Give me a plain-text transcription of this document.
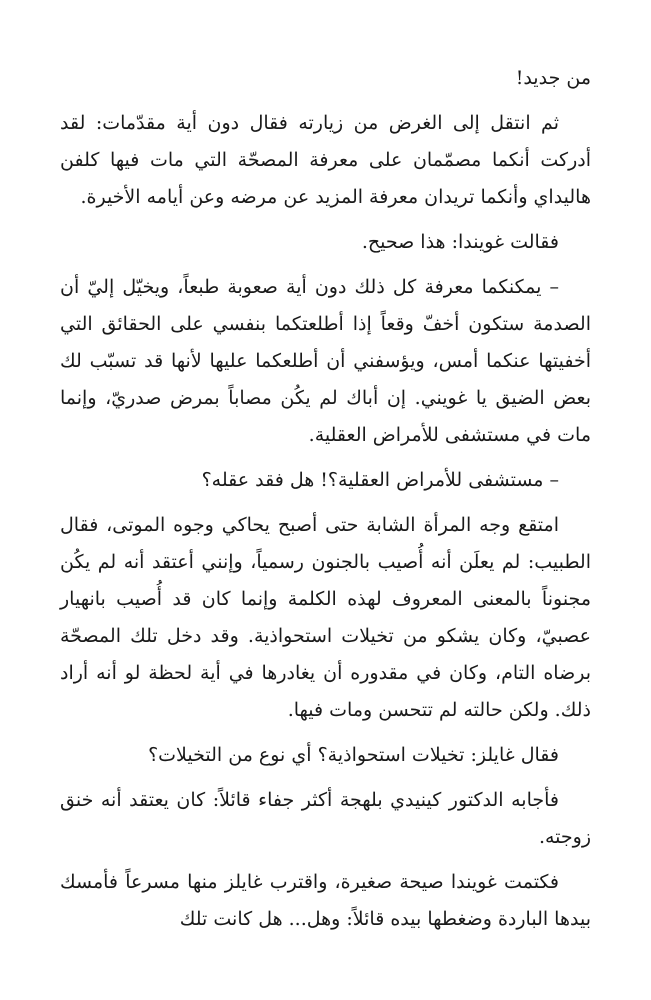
من جديد!

ثم انتقل إلى الغرض من زيارته فقال دون أية مقدّمات: لقد أدركت أنكما مصمّمان على معرفة المصحّة التي مات فيها كلفن هاليداي وأنكما تريدان معرفة المزيد عن مرضه وعن أيامه الأخيرة.

فقالت غويندا: هذا صحيح.

– يمكنكما معرفة كل ذلك دون أية صعوبة طبعاً، ويخيّل إليّ أن الصدمة ستكون أخفّ وقعاً إذا أطلعتكما بنفسي على الحقائق التي أخفيتها عنكما أمس، ويؤسفني أن أطلعكما عليها لأنها قد تسبّب لك بعض الضيق يا غويني. إن أباك لم يكُن مصاباً بمرض صدريّ، وإنما مات في مستشفى للأمراض العقلية.

– مستشفى للأمراض العقلية؟! هل فقد عقله؟

امتقع وجه المرأة الشابة حتى أصبح يحاكي وجوه الموتى، فقال الطبيب: لم يعلَن أنه أُصيب بالجنون رسمياً، وإنني أعتقد أنه لم يكُن مجنوناً بالمعنى المعروف لهذه الكلمة وإنما كان قد أُصيب بانهيار عصبيّ، وكان يشكو من تخيلات استحواذية. وقد دخل تلك المصحّة برضاه التام، وكان في مقدوره أن يغادرها في أية لحظة لو أنه أراد ذلك. ولكن حالته لم تتحسن ومات فيها.

فقال غايلز: تخيلات استحواذية؟ أي نوع من التخيلات؟

فأجابه الدكتور كينيدي بلهجة أكثر جفاء قائلاً: كان يعتقد أنه خنق زوجته.

فكتمت غويندا صيحة صغيرة، واقترب غايلز منها مسرعاً فأمسك بيدها الباردة وضغطها بيده قائلاً: وهل... هل كانت تلك
